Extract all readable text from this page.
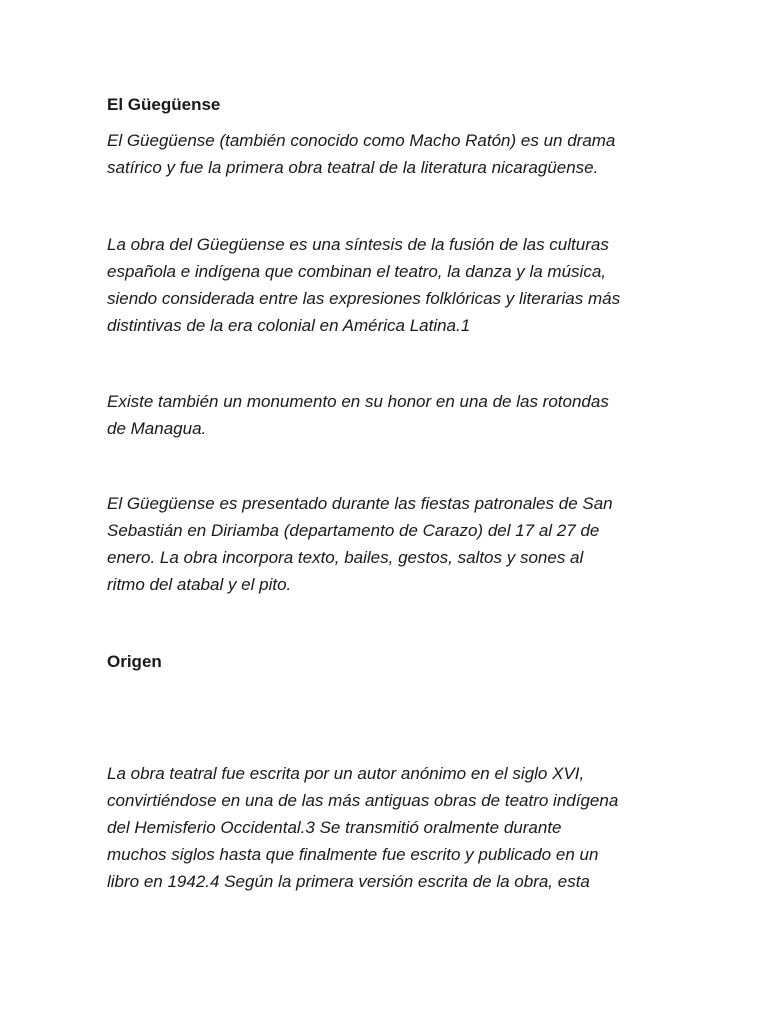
El Güegüense

El Güegüense (también conocido como Macho Ratón) es un drama
satírico y fue la primera obra teatral de la literatura nicaragüense.

La obra del Güegüense es una síntesis de la fusión de las culturas
española e indígena que combinan el teatro, la danza y la música,
siendo considerada entre las expresiones folklóricas y literarias más
distintivas de la era colonial en América Latina.1

Existe también un monumento en su honor en una de las rotondas
de Managua.

El Güegüense es presentado durante las fiestas patronales de San
Sebastián en Diriamba (departamento de Carazo) del 17 al 27 de
enero. La obra incorpora texto, bailes, gestos, saltos y sones al
ritmo del atabal y el pito.

Origen

La obra teatral fue escrita por un autor anónimo en el siglo XVI,
convirtiéndose en una de las más antiguas obras de teatro indígena
del Hemisferio Occidental.3 Se transmitió oralmente durante
muchos siglos hasta que finalmente fue escrito y publicado en un
libro en 1942.4 Según la primera versión escrita de la obra, esta
